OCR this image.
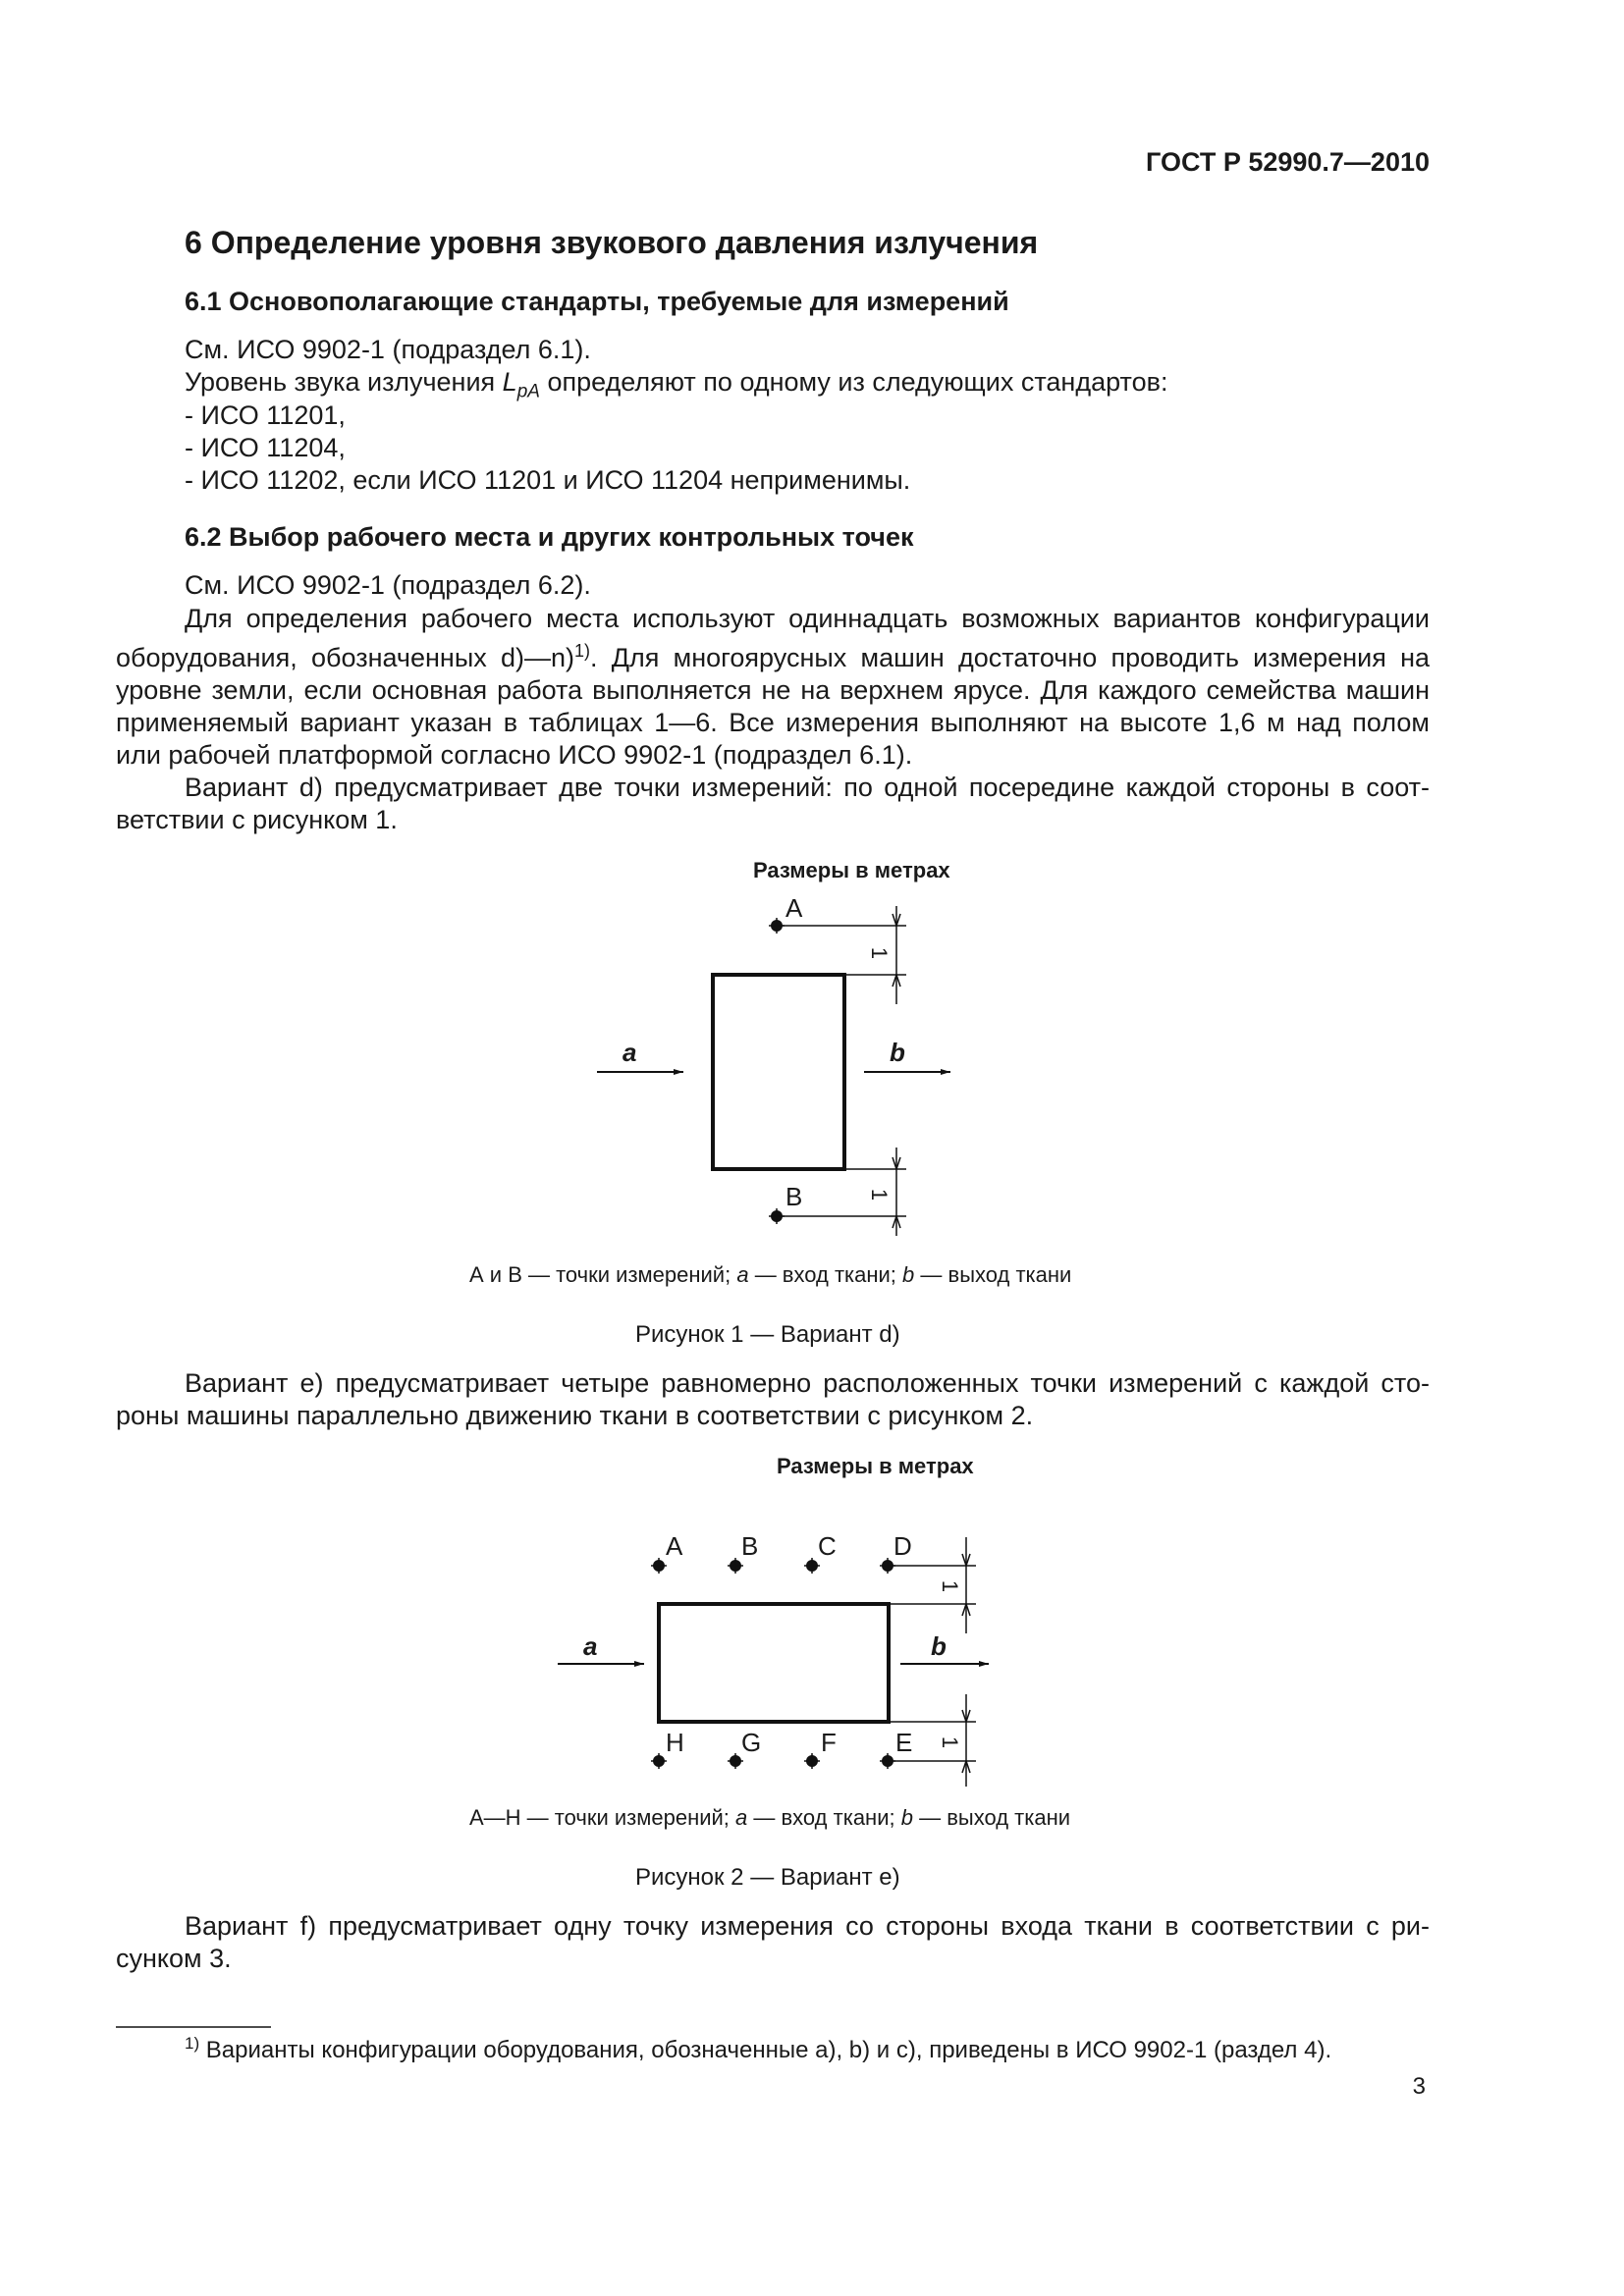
ГОСТ Р 52990.7—2010
6 Определение уровня звукового давления излучения
6.1 Основополагающие стандарты, требуемые для измерений
См. ИСО 9902-1 (подраздел 6.1).
Уровень звука излучения $L_{pA}$ определяют по одному из следующих стандартов:
- ИСО 11201,
- ИСО 11204,
- ИСО 11202, если ИСО 11201 и ИСО 11204 неприменимы.
6.2 Выбор рабочего места и других контрольных точек
См. ИСО 9902-1 (подраздел 6.2).
Для определения рабочего места используют одиннадцать возможных вариантов конфигурации
оборудования, обозначенных d)—n)$^{1)}$. Для многоярусных машин достаточно проводить измерения на
уровне земли, если основная работа выполняется не на верхнем ярусе. Для каждого семейства машин
применяемый вариант указан в таблицах 1—6. Все измерения выполняют на высоте 1,6 м над полом
или рабочей платформой согласно ИСО 9902-1 (подраздел 6.1).
Вариант d) предусматривает две точки измерений: по одной посередине каждой стороны в соот-
ветствии с рисунком 1.
Размеры в метрах
A
B
1
1
a	b
А и В — точки измерений; a — вход ткани; b — выход ткани
Рисунок 1 — Вариант d)
Вариант е) предусматривает четыре равномерно расположенных точки измерений с каждой сто-
роны машины параллельно движению ткани в соответствии с рисунком 2.
Размеры в метрах
A B C D
H G F E
1
1
a	b
А—Н — точки измерений; a — вход ткани; b — выход ткани
Рисунок 2 — Вариант е)
Вариант f) предусматривает одну точку измерения со стороны входа ткани в соответствии с ри-
сунком 3.
$^{1)}$ Варианты конфигурации оборудования, обозначенные a), b) и c), приведены в ИСО 9902-1 (раздел 4).
3
